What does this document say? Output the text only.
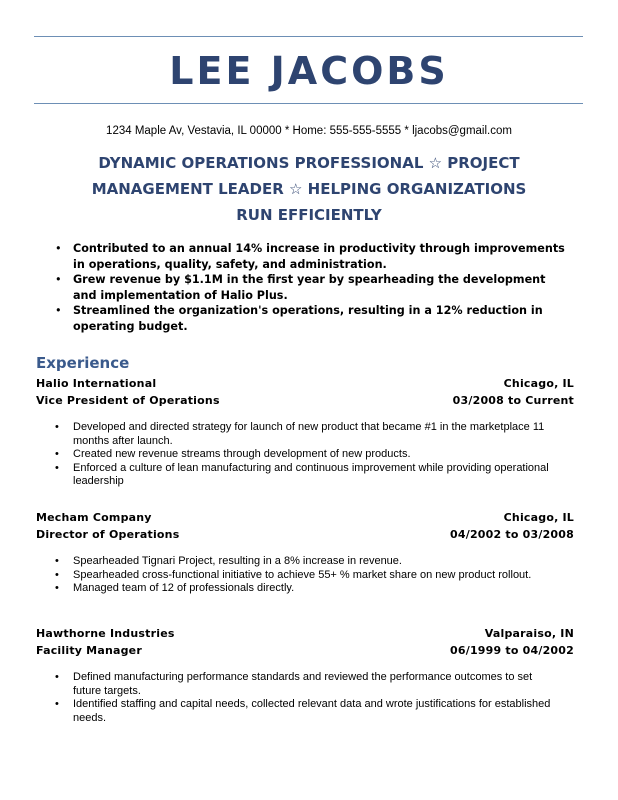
LEE JACOBS
1234 Maple Av, Vestavia, IL 00000 * Home: 555-555-5555 * ljacobs@gmail.com
DYNAMIC OPERATIONS PROFESSIONAL ☆ PROJECT MANAGEMENT LEADER ☆ HELPING ORGANIZATIONS RUN EFFICIENTLY
• Contributed to an annual 14% increase in productivity through improvements in operations, quality, safety, and administration.
• Grew revenue by $1.1M in the first year by spearheading the development and implementation of Halio Plus.
• Streamlined the organization's operations, resulting in a 12% reduction in operating budget.
Experience
Halio International	Chicago, IL
Vice President of Operations	03/2008 to Current
• Developed and directed strategy for launch of new product that became #1 in the marketplace 11 months after launch.
• Created new revenue streams through development of new products.
• Enforced a culture of lean manufacturing and continuous improvement while providing operational leadership
Mecham Company	Chicago, IL
Director of Operations	04/2002 to 03/2008
• Spearheaded Tignari Project, resulting in a 8% increase in revenue.
• Spearheaded cross-functional initiative to achieve 55+ % market share on new product rollout.
• Managed team of 12 of professionals directly.
Hawthorne Industries	Valparaiso, IN
Facility Manager	06/1999 to 04/2002
• Defined manufacturing performance standards and reviewed the performance outcomes to set future targets.
• Identified staffing and capital needs, collected relevant data and wrote justifications for established needs.
